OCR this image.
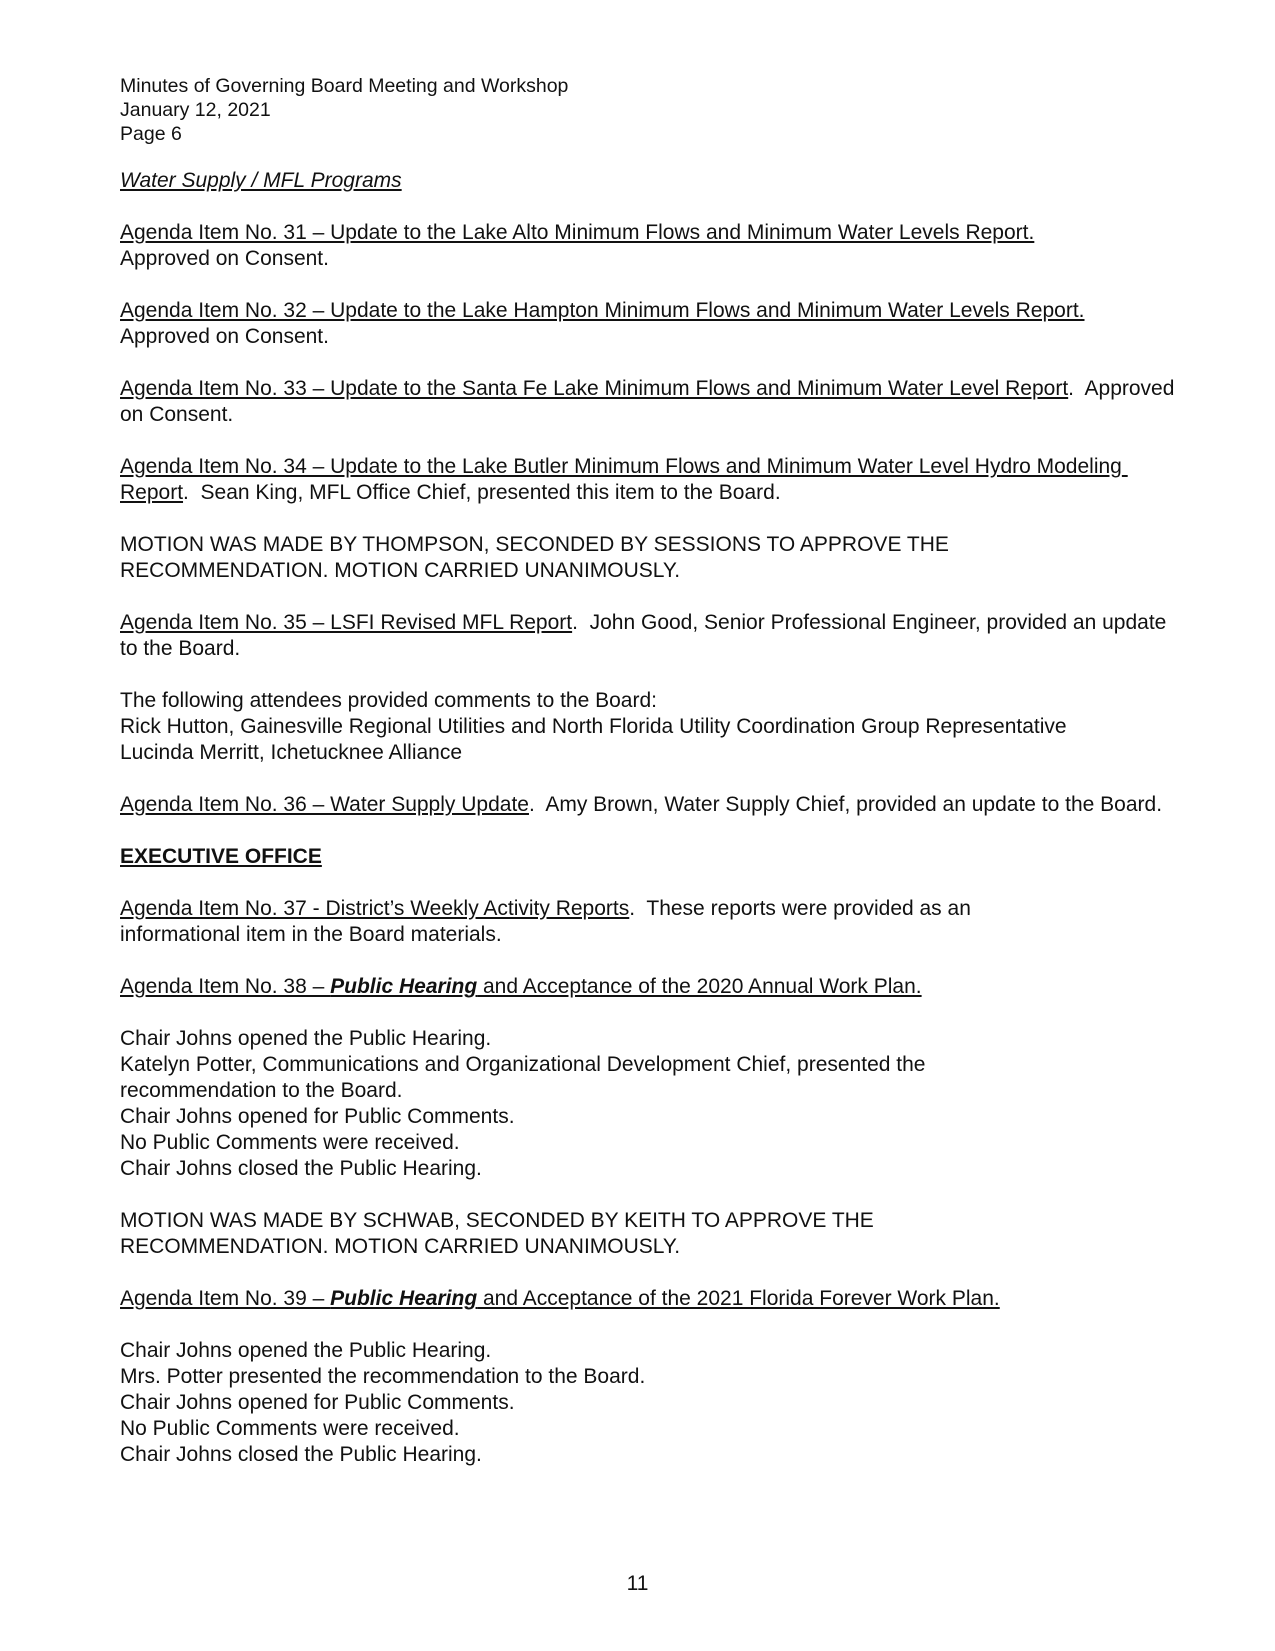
Minutes of Governing Board Meeting and Workshop
January 12, 2021
Page 6
Water Supply / MFL Programs

Agenda Item No. 31 – Update to the Lake Alto Minimum Flows and Minimum Water Levels Report.
Approved on Consent.

Agenda Item No. 32 – Update to the Lake Hampton Minimum Flows and Minimum Water Levels Report.  Approved on Consent.

Agenda Item No. 33 – Update to the Santa Fe Lake Minimum Flows and Minimum Water Level Report.  Approved on Consent.

Agenda Item No. 34 – Update to the Lake Butler Minimum Flows and Minimum Water Level Hydro Modeling Report.  Sean King, MFL Office Chief, presented this item to the Board.

MOTION WAS MADE BY THOMPSON, SECONDED BY SESSIONS TO APPROVE THE RECOMMENDATION. MOTION CARRIED UNANIMOUSLY.

Agenda Item No. 35 – LSFI Revised MFL Report.  John Good, Senior Professional Engineer, provided an update to the Board.

The following attendees provided comments to the Board:
Rick Hutton, Gainesville Regional Utilities and North Florida Utility Coordination Group Representative
Lucinda Merritt, Ichetucknee Alliance

Agenda Item No. 36 – Water Supply Update.  Amy Brown, Water Supply Chief, provided an update to the Board.

EXECUTIVE OFFICE

Agenda Item No. 37 - District’s Weekly Activity Reports.  These reports were provided as an informational item in the Board materials.

Agenda Item No. 38 – Public Hearing and Acceptance of the 2020 Annual Work Plan.

Chair Johns opened the Public Hearing.
Katelyn Potter, Communications and Organizational Development Chief, presented the recommendation to the Board.
Chair Johns opened for Public Comments.
No Public Comments were received.
Chair Johns closed the Public Hearing.

MOTION WAS MADE BY SCHWAB, SECONDED BY KEITH TO APPROVE THE RECOMMENDATION. MOTION CARRIED UNANIMOUSLY.

Agenda Item No. 39 – Public Hearing and Acceptance of the 2021 Florida Forever Work Plan.

Chair Johns opened the Public Hearing.
Mrs. Potter presented the recommendation to the Board.
Chair Johns opened for Public Comments.
No Public Comments were received.
Chair Johns closed the Public Hearing.

11
